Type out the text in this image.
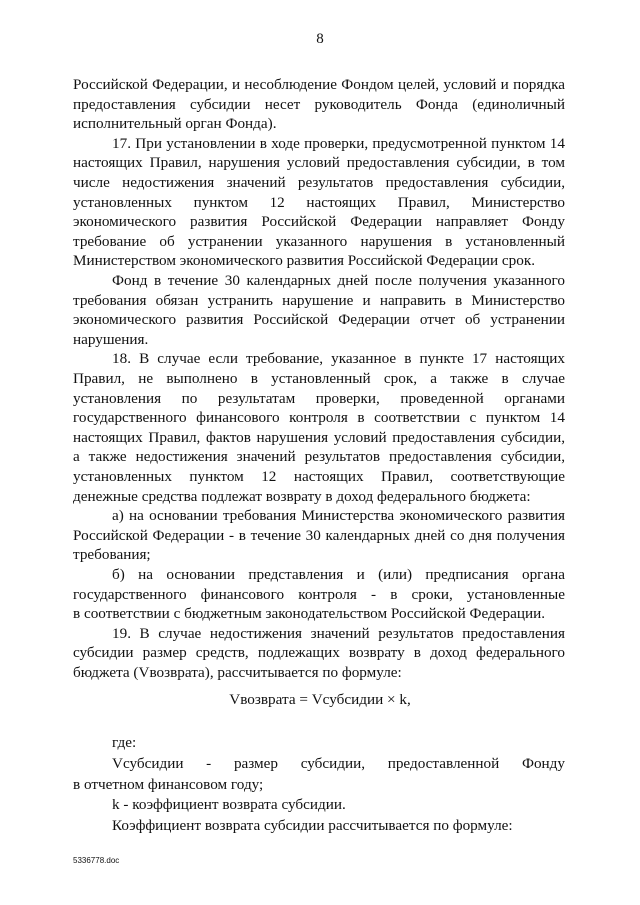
8
Российской Федерации, и несоблюдение Фондом целей, условий и порядка
предоставления субсидии несет руководитель Фонда (единоличный
исполнительный орган Фонда).
17. При установлении в ходе проверки, предусмотренной пунктом 14
настоящих Правил, нарушения условий предоставления субсидии, в том
числе недостижения значений результатов предоставления субсидии,
установленных пунктом 12 настоящих Правил, Министерство
экономического развития Российской Федерации направляет Фонду
требование об устранении указанного нарушения в установленный
Министерством экономического развития Российской Федерации срок.
Фонд в течение 30 календарных дней после получения указанного
требования обязан устранить нарушение и направить в Министерство
экономического развития Российской Федерации отчет об устранении
нарушения.
18. В случае если требование, указанное в пункте 17 настоящих
Правил, не выполнено в установленный срок, а также в случае
установления по результатам проверки, проведенной органами
государственного финансового контроля в соответствии с пунктом 14
настоящих Правил, фактов нарушения условий предоставления субсидии,
а также недостижения значений результатов предоставления субсидии,
установленных пунктом 12 настоящих Правил, соответствующие
денежные средства подлежат возврату в доход федерального бюджета:
а) на основании требования Министерства экономического развития
Российской Федерации - в течение 30 календарных дней со дня получения
требования;
б) на основании представления и (или) предписания органа
государственного финансового контроля - в сроки, установленные
в соответствии с бюджетным законодательством Российской Федерации.
19. В случае недостижения значений результатов предоставления
субсидии размер средств, подлежащих возврату в доход федерального
бюджета (Vвозврата), рассчитывается по формуле:
Vвозврата = Vсубсидии × k,
где:
Vсубсидии - размер субсидии, предоставленной Фонду
в отчетном финансовом году;
k - коэффициент возврата субсидии.
Коэффициент возврата субсидии рассчитывается по формуле:
5336778.doc
